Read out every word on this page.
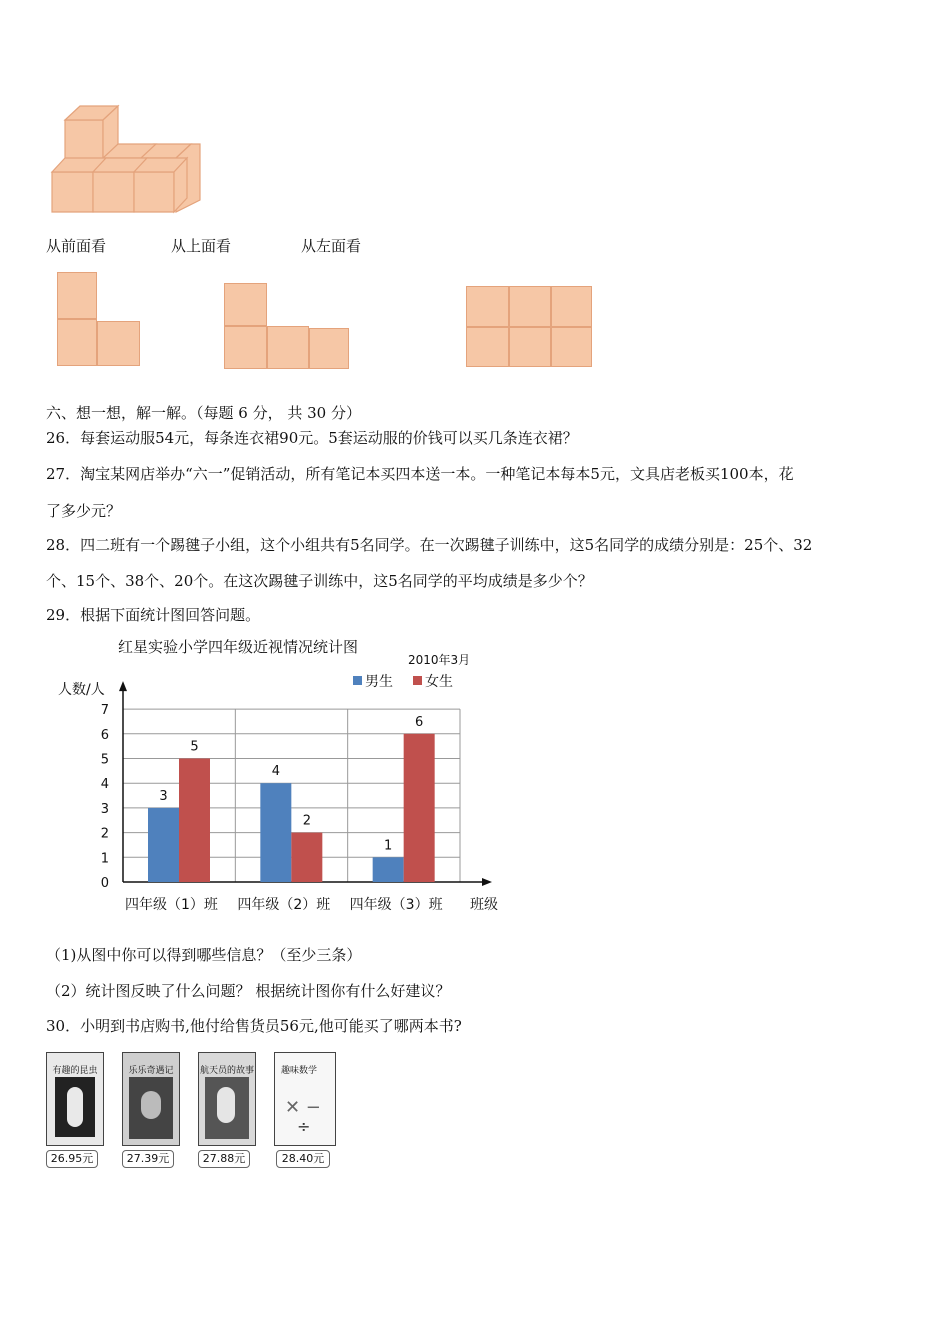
从前面看	从上面看	从左面看
六、想一想，解一解。（每题 6 分， 共 30 分）
26．每套运动服54元，每条连衣裙90元。5套运动服的价钱可以买几条连衣裙？
27．淘宝某网店举办“六一”促销活动，所有笔记本买四本送一本。一种笔记本每本5元，文具店老板买100本，花
了多少元？
28．四二班有一个踢毽子小组，这个小组共有5名同学。在一次踢毽子训练中，这5名同学的成绩分别是：25个、32
个、15个、38个、20个。在这次踢毽子训练中，这5名同学的平均成绩是多少个？
29．根据下面统计图回答问题。
红星实验小学四年级近视情况统计图
2010年3月
人数/人
班级
男生 女生
0
1
2
3
4
5
6
7
3
5
四年级（1）班
4
2
四年级（2）班
1
6
四年级（3）班
（1)从图中你可以得到哪些信息？（至少三条）
（2）统计图反映了什么问题？ 根据统计图你有什么好建议？
30．小明到书店购书,他付给售货员56元,他可能买了哪两本书?
有趣的昆虫
26.95元
乐乐奇遇记
27.39元
航天员的故事
27.88元
趣味数学
✕ −
÷
28.40元
